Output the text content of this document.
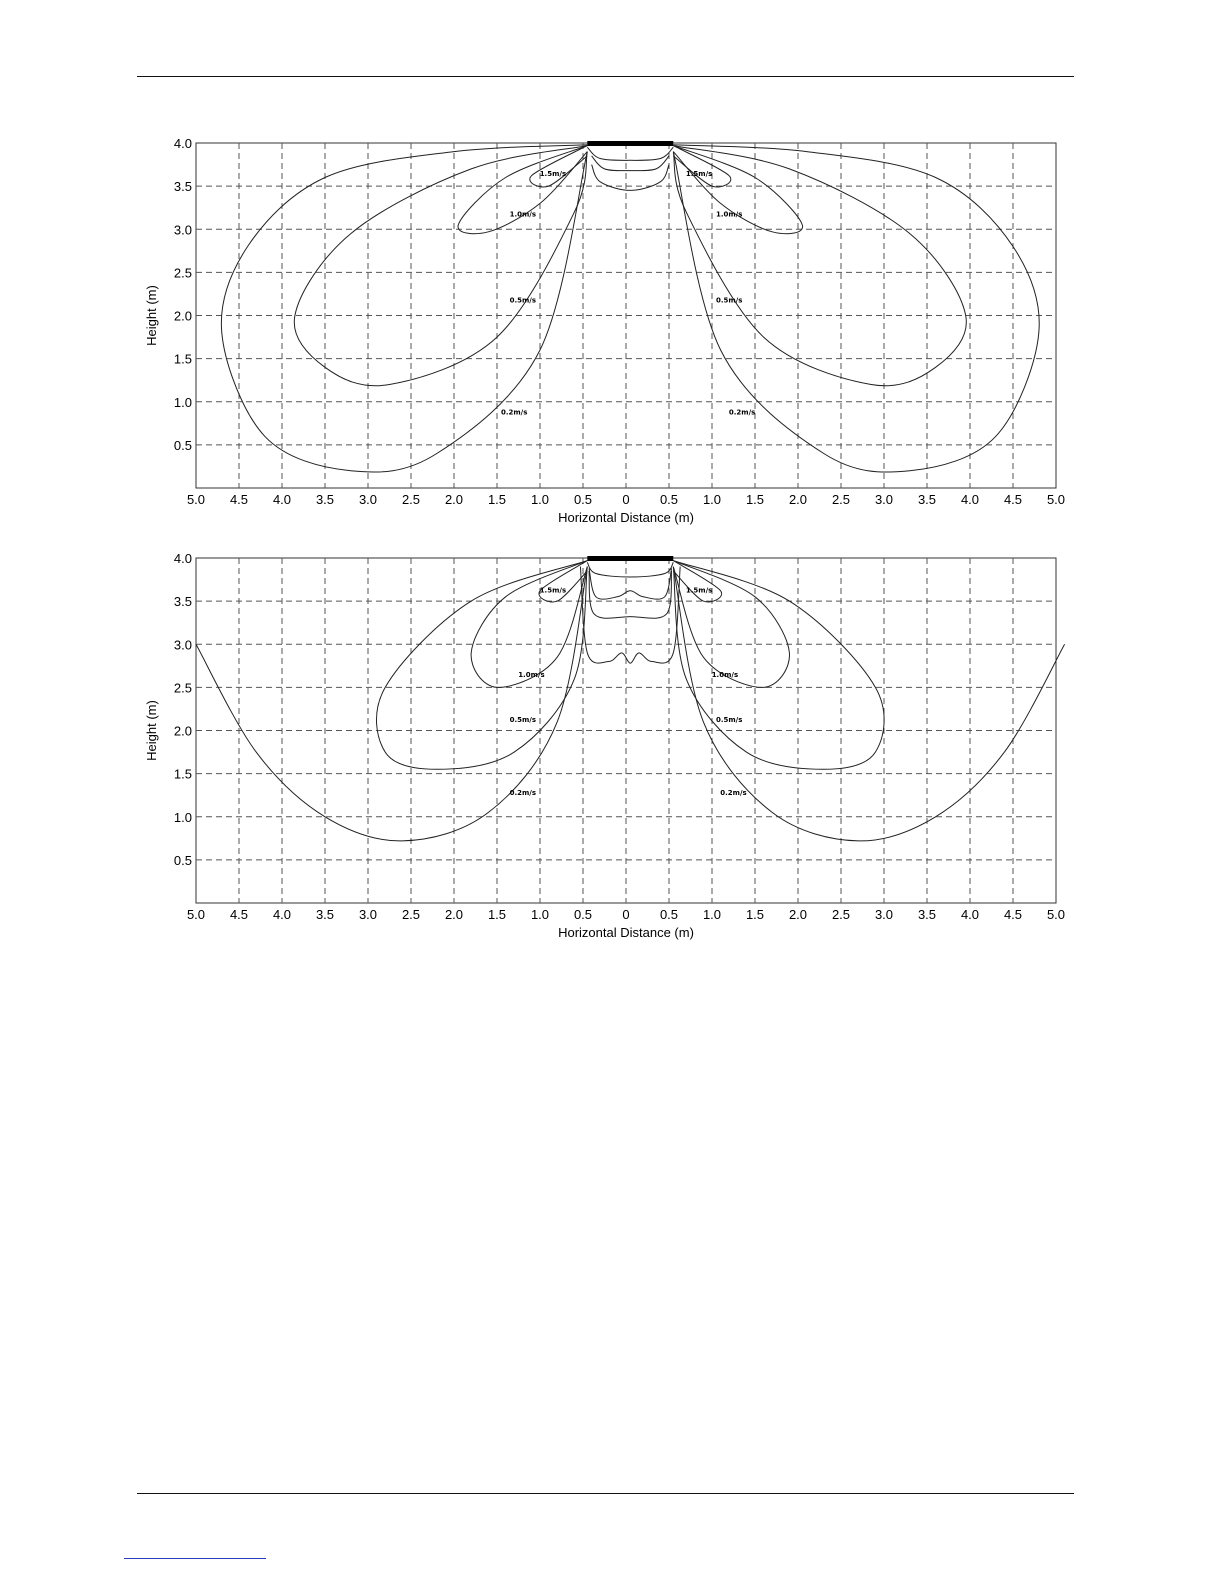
5.0 4.5 4.0 3.5 3.0 2.5 2.0 1.5 1.0 0.5 0 0.5 1.0 1.5 2.0 2.5 3.0 3.5 4.0 4.5 5.0
4.0
3.5
3.0
2.5
2.0
1.5
1.0
0.5
Horizontal Distance (m)
Height (m)
0.2m/s	0.2m/s
0.5m/s	0.5m/s
1.0m/s	1.0m/s
1.5m/s	1.5m/s
5.0 4.5 4.0 3.5 3.0 2.5 2.0 1.5 1.0 0.5 0 0.5 1.0 1.5 2.0 2.5 3.0 3.5 4.0 4.5 5.0
4.0
3.5
3.0
2.5
2.0
1.5
1.0
0.5
Horizontal Distance (m)
Height (m)
0.2m/s	0.2m/s
0.5m/s	0.5m/s
1.0m/s	1.0m/s
1.5m/s	1.5m/s
